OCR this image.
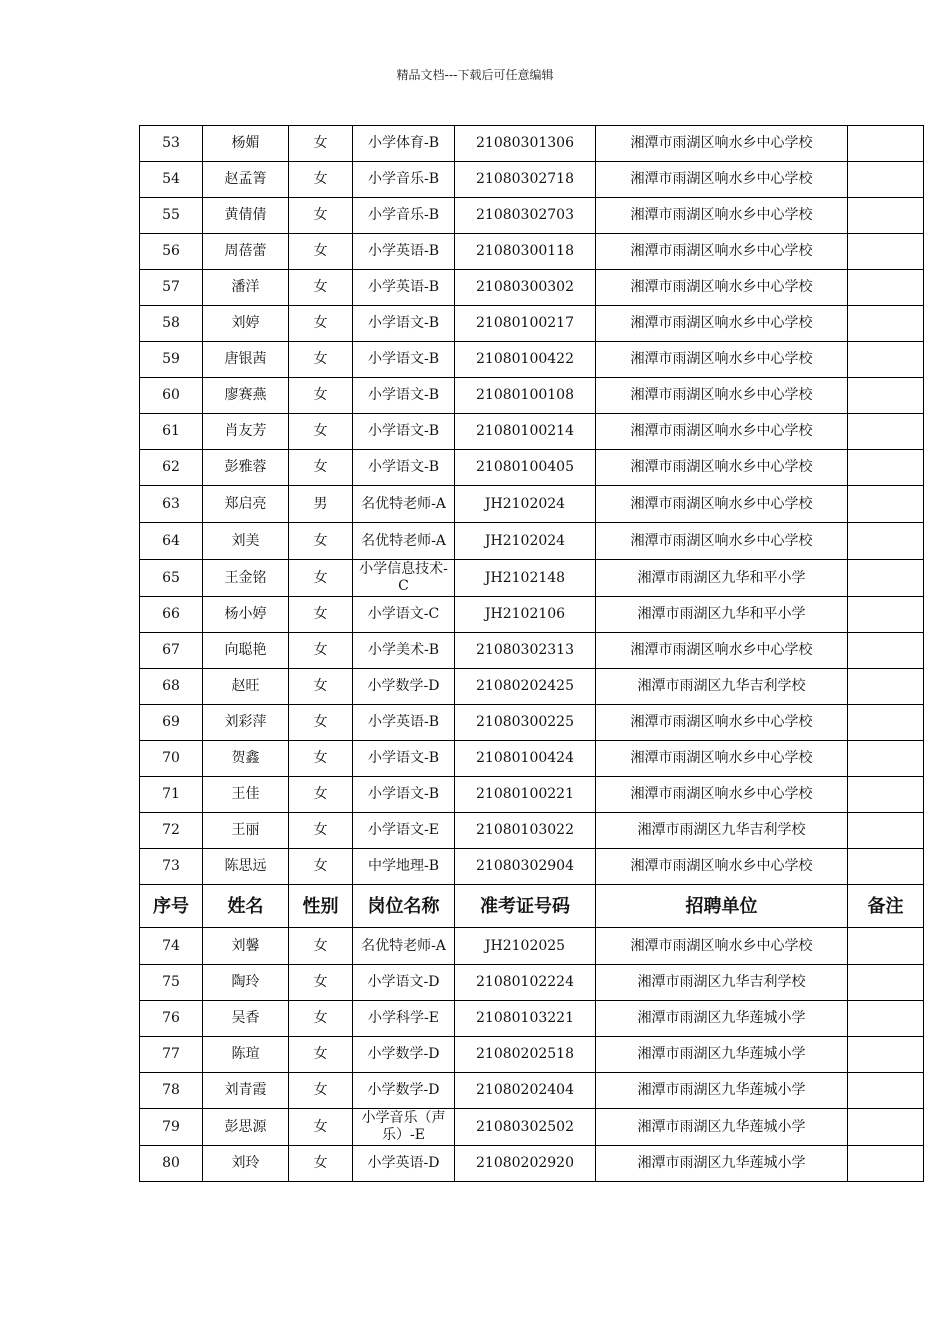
精品文档---下载后可任意编辑
53	杨媚	女	小学体育-B	21080301306	湘潭市雨湖区响水乡中心学校	
54	赵孟箐	女	小学音乐-B	21080302718	湘潭市雨湖区响水乡中心学校	
55	黄倩倩	女	小学音乐-B	21080302703	湘潭市雨湖区响水乡中心学校	
56	周蓓蕾	女	小学英语-B	21080300118	湘潭市雨湖区响水乡中心学校	
57	潘洋	女	小学英语-B	21080300302	湘潭市雨湖区响水乡中心学校	
58	刘婷	女	小学语文-B	21080100217	湘潭市雨湖区响水乡中心学校	
59	唐银茜	女	小学语文-B	21080100422	湘潭市雨湖区响水乡中心学校	
60	廖赛燕	女	小学语文-B	21080100108	湘潭市雨湖区响水乡中心学校	
61	肖友芳	女	小学语文-B	21080100214	湘潭市雨湖区响水乡中心学校	
62	彭雅蓉	女	小学语文-B	21080100405	湘潭市雨湖区响水乡中心学校	
63	郑启亮	男	名优特老师-A	JH2102024	湘潭市雨湖区响水乡中心学校	
64	刘美	女	名优特老师-A	JH2102024	湘潭市雨湖区响水乡中心学校	
65	王金铭	女	小学信息技术-C	JH2102148	湘潭市雨湖区九华和平小学	
66	杨小婷	女	小学语文-C	JH2102106	湘潭市雨湖区九华和平小学	
67	向聪艳	女	小学美术-B	21080302313	湘潭市雨湖区响水乡中心学校	
68	赵旺	女	小学数学-D	21080202425	湘潭市雨湖区九华吉利学校	
69	刘彩萍	女	小学英语-B	21080300225	湘潭市雨湖区响水乡中心学校	
70	贺鑫	女	小学语文-B	21080100424	湘潭市雨湖区响水乡中心学校	
71	王佳	女	小学语文-B	21080100221	湘潭市雨湖区响水乡中心学校	
72	王丽	女	小学语文-E	21080103022	湘潭市雨湖区九华吉利学校	
73	陈思远	女	中学地理-B	21080302904	湘潭市雨湖区响水乡中心学校	
序号	姓名	性别	岗位名称	准考证号码	招聘单位	备注
74	刘馨	女	名优特老师-A	JH2102025	湘潭市雨湖区响水乡中心学校	
75	陶玲	女	小学语文-D	21080102224	湘潭市雨湖区九华吉利学校	
76	吴香	女	小学科学-E	21080103221	湘潭市雨湖区九华莲城小学	
77	陈瑄	女	小学数学-D	21080202518	湘潭市雨湖区九华莲城小学	
78	刘青霞	女	小学数学-D	21080202404	湘潭市雨湖区九华莲城小学	
79	彭思源	女	小学音乐（声乐）-E	21080302502	湘潭市雨湖区九华莲城小学	
80	刘玲	女	小学英语-D	21080202920	湘潭市雨湖区九华莲城小学	
